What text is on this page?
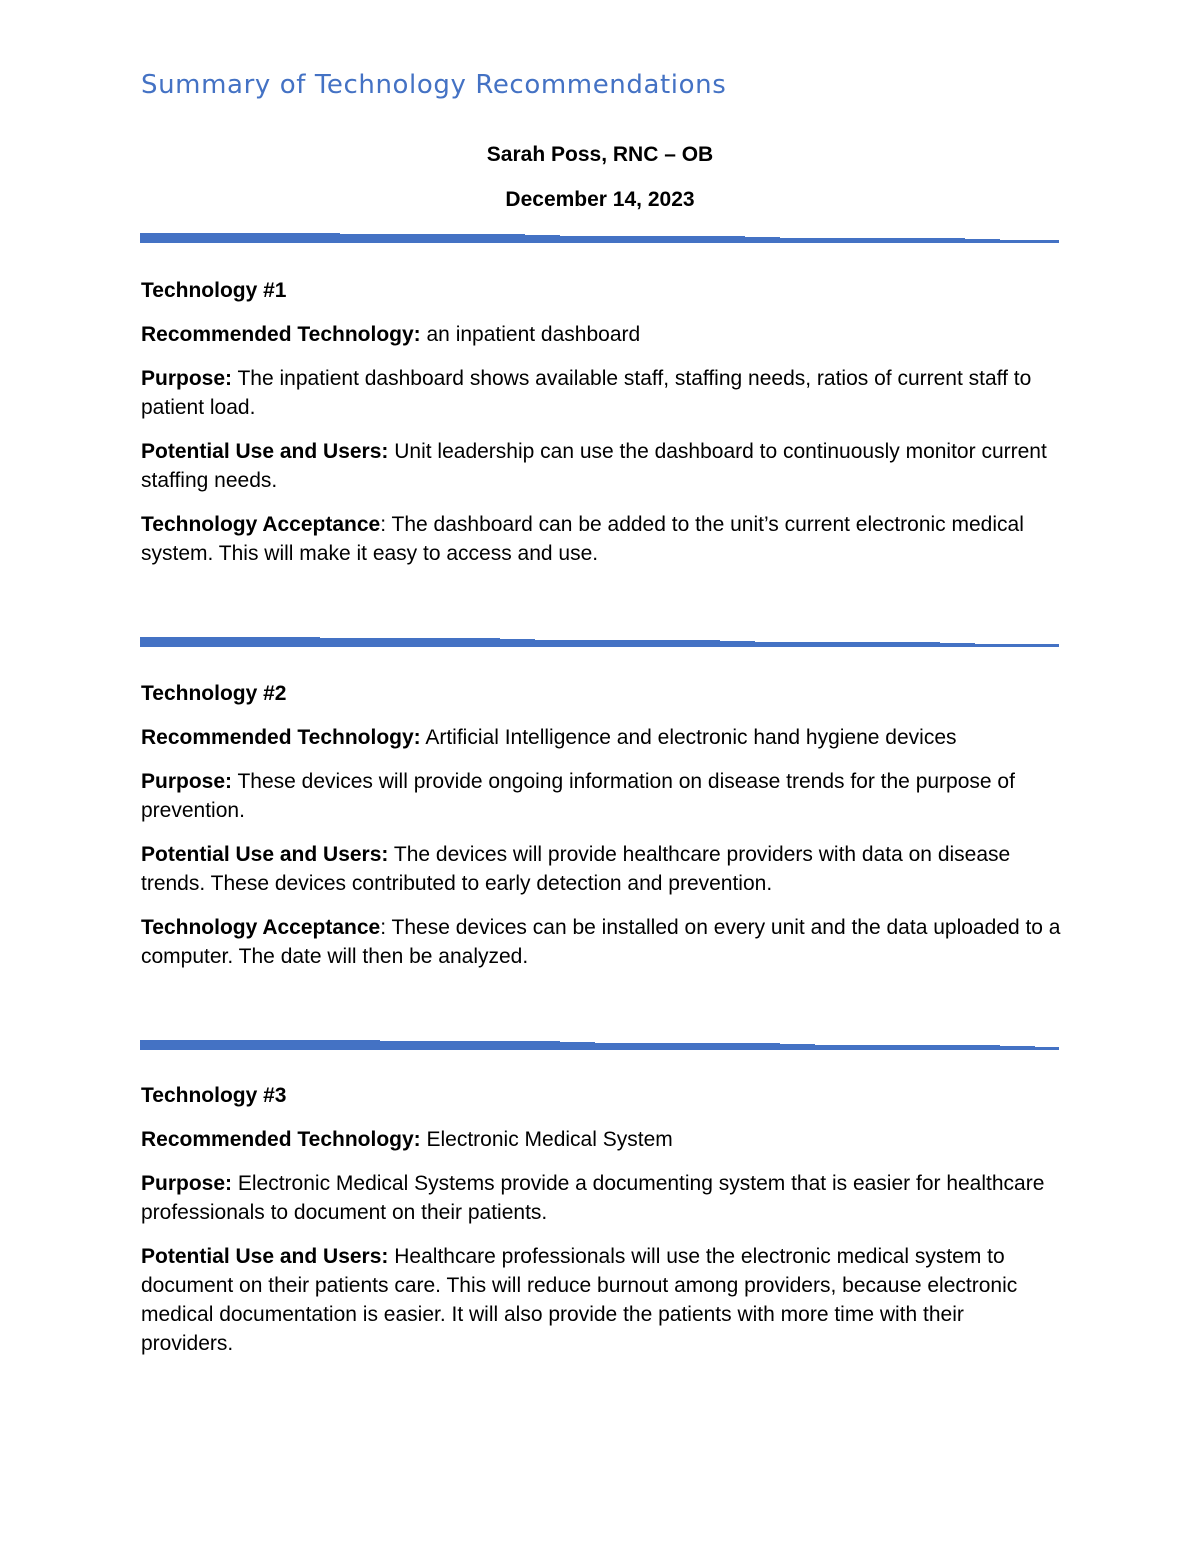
Summary of Technology Recommendations

Sarah Poss, RNC – OB

December 14, 2023

Technology #1

Recommended Technology: an inpatient dashboard

Purpose: The inpatient dashboard shows available staff, staffing needs, ratios of current staff to patient load.

Potential Use and Users: Unit leadership can use the dashboard to continuously monitor current staffing needs.

Technology Acceptance: The dashboard can be added to the unit’s current electronic medical system. This will make it easy to access and use.

Technology #2

Recommended Technology: Artificial Intelligence and electronic hand hygiene devices

Purpose: These devices will provide ongoing information on disease trends for the purpose of prevention.

Potential Use and Users: The devices will provide healthcare providers with data on disease trends. These devices contributed to early detection and prevention.

Technology Acceptance: These devices can be installed on every unit and the data uploaded to a computer. The date will then be analyzed.

Technology #3

Recommended Technology: Electronic Medical System

Purpose: Electronic Medical Systems provide a documenting system that is easier for healthcare professionals to document on their patients.

Potential Use and Users: Healthcare professionals will use the electronic medical system to document on their patients care. This will reduce burnout among providers, because electronic medical documentation is easier. It will also provide the patients with more time with their providers.
